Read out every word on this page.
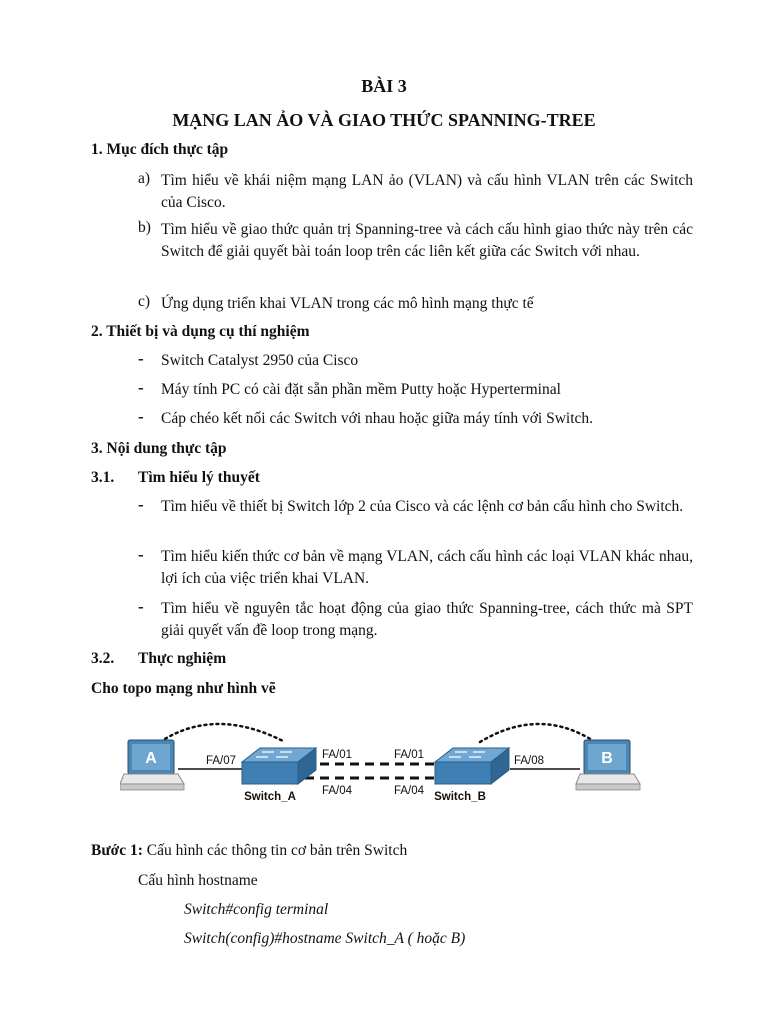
BÀI 3
MẠNG LAN ẢO VÀ GIAO THỨC SPANNING-TREE
1. Mục đích thực tập
a) Tìm hiểu về khái niệm mạng LAN ảo (VLAN) và cấu hình VLAN trên các Switch của Cisco.
b) Tìm hiểu về giao thức quản trị Spanning-tree và cách cấu hình giao thức này trên các Switch để giải quyết bài toán loop trên các liên kết giữa các Switch với nhau.
c) Ứng dụng triển khai VLAN trong các mô hình mạng thực tế
2. Thiết bị và dụng cụ thí nghiệm
- Switch Catalyst 2950 của Cisco
- Máy tính PC có cài đặt sẵn phần mềm Putty hoặc Hyperterminal
- Cáp chéo kết nối các Switch với nhau hoặc giữa máy tính với Switch.
3. Nội dung thực tập
3.1. Tìm hiểu lý thuyết
- Tìm hiểu về thiết bị Switch lớp 2 của Cisco và các lệnh cơ bản cấu hình cho Switch.
- Tìm hiểu kiến thức cơ bản về mạng VLAN, cách cấu hình các loại VLAN khác nhau, lợi ích của việc triển khai VLAN.
- Tìm hiểu về nguyên tắc hoạt động của giao thức Spanning-tree, cách thức mà SPT giải quyết vấn đề loop trong mạng.
3.2. Thực nghiệm
Cho topo mạng như hình vẽ
A	B
Switch_A	Switch_B
FA/07	FA/01
FA/04
FA/01
FA/04
FA/08
Bước 1: Cấu hình các thông tin cơ bản trên Switch
Cấu hình hostname
Switch#config terminal
Switch(config)#hostname Switch_A ( hoặc B)
